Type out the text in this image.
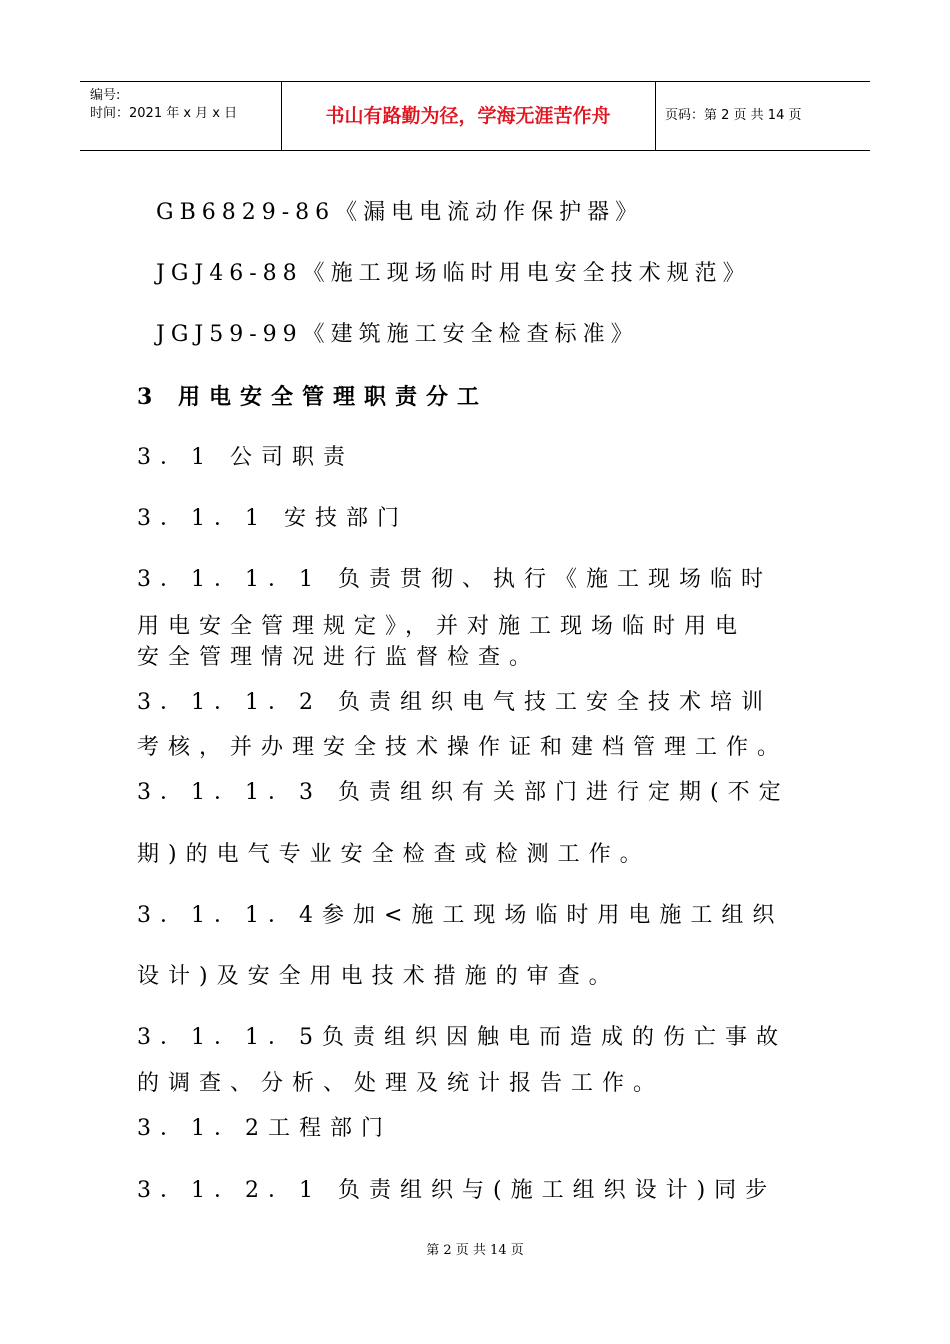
编号:
时间：2021 年 x 月 x 日	书山有路勤为径，学海无涯苦作舟	页码：第 2 页 共 14 页
GB6829-86《漏电电流动作保护器》
JGJ46-88《施工现场临时用电安全技术规范》
JGJ59-99《建筑施工安全检查标准》
3 用电安全管理职责分工
3．1 公司职责
3．1．1 安技部门
3．1．1．1 负责贯彻、执行《施工现场临时
用电安全管理规定》，并对施工现场临时用电
安全管理情况进行监督检查。
3．1．1．2 负责组织电气技工安全技术培训
考核，并办理安全技术操作证和建档管理工作。
3．1．1．3 负责组织有关部门进行定期(不定
期)的电气专业安全检查或检测工作。
3．1．1．4参加<施工现场临时用电施工组织
设计)及安全用电技术措施的审查。
3．1．1．5负责组织因触电而造成的伤亡事故
的调查、分析、处理及统计报告工作。
3．1．2工程部门
3．1．2．1 负责组织与(施工组织设计)同步
第 2 页 共 14 页
